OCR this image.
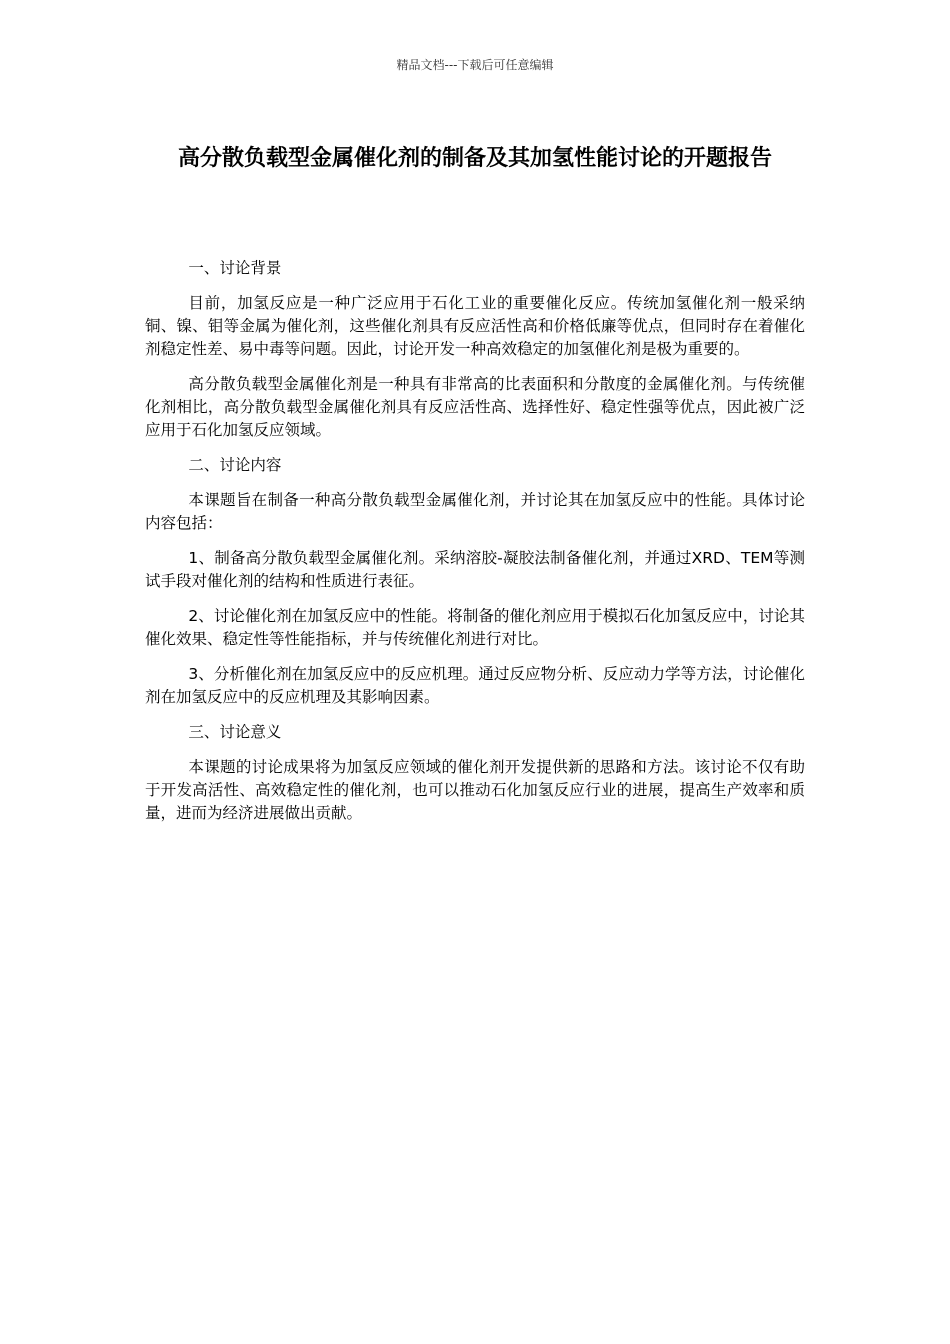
精品文档---下载后可任意编辑
高分散负载型金属催化剂的制备及其加氢性能讨论的开题报告

一、讨论背景

目前，加氢反应是一种广泛应用于石化工业的重要催化反应。传统加氢催化剂一般采纳铜、镍、钼等金属为催化剂，这些催化剂具有反应活性高和价格低廉等优点，但同时存在着催化剂稳定性差、易中毒等问题。因此，讨论开发一种高效稳定的加氢催化剂是极为重要的。

高分散负载型金属催化剂是一种具有非常高的比表面积和分散度的金属催化剂。与传统催化剂相比，高分散负载型金属催化剂具有反应活性高、选择性好、稳定性强等优点，因此被广泛应用于石化加氢反应领域。

二、讨论内容

本课题旨在制备一种高分散负载型金属催化剂，并讨论其在加氢反应中的性能。具体讨论内容包括：

1、制备高分散负载型金属催化剂。采纳溶胶-凝胶法制备催化剂，并通过XRD、TEM等测试手段对催化剂的结构和性质进行表征。

2、讨论催化剂在加氢反应中的性能。将制备的催化剂应用于模拟石化加氢反应中，讨论其催化效果、稳定性等性能指标，并与传统催化剂进行对比。

3、分析催化剂在加氢反应中的反应机理。通过反应物分析、反应动力学等方法，讨论催化剂在加氢反应中的反应机理及其影响因素。

三、讨论意义

本课题的讨论成果将为加氢反应领域的催化剂开发提供新的思路和方法。该讨论不仅有助于开发高活性、高效稳定性的催化剂，也可以推动石化加氢反应行业的进展，提高生产效率和质量，进而为经济进展做出贡献。
